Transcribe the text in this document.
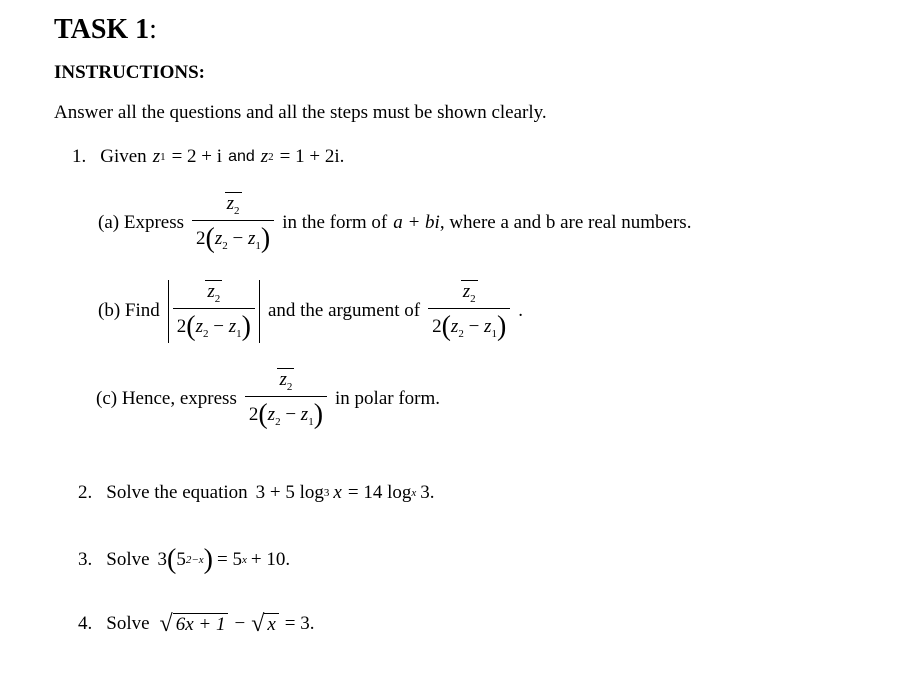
TASK 1:
INSTRUCTIONS:
Answer all the questions and all the steps must be shown clearly.
1. Given z 1 = 2 + i and z 2 = 1 + 2i.
(a) Express $\frac{z_2}{2(z_2 - z_1)}$ in the form of a + bi , where a and b are real numbers.
(b) Find $\frac{z_2}{2(z_2 - z_1)}$ and the argument of $\frac{z_2}{2(z_2 - z_1)}$ .
(c) Hence, express $\frac{z_2}{2(z_2 - z_1)}$ in polar form.
2. Solve the equation 3 + 5 log 3 x = 14 log x 3.
3. Solve 3 ( 5 2−x ) = 5 x + 10.
4. Solve √ 6x + 1 − √ x = 3.
